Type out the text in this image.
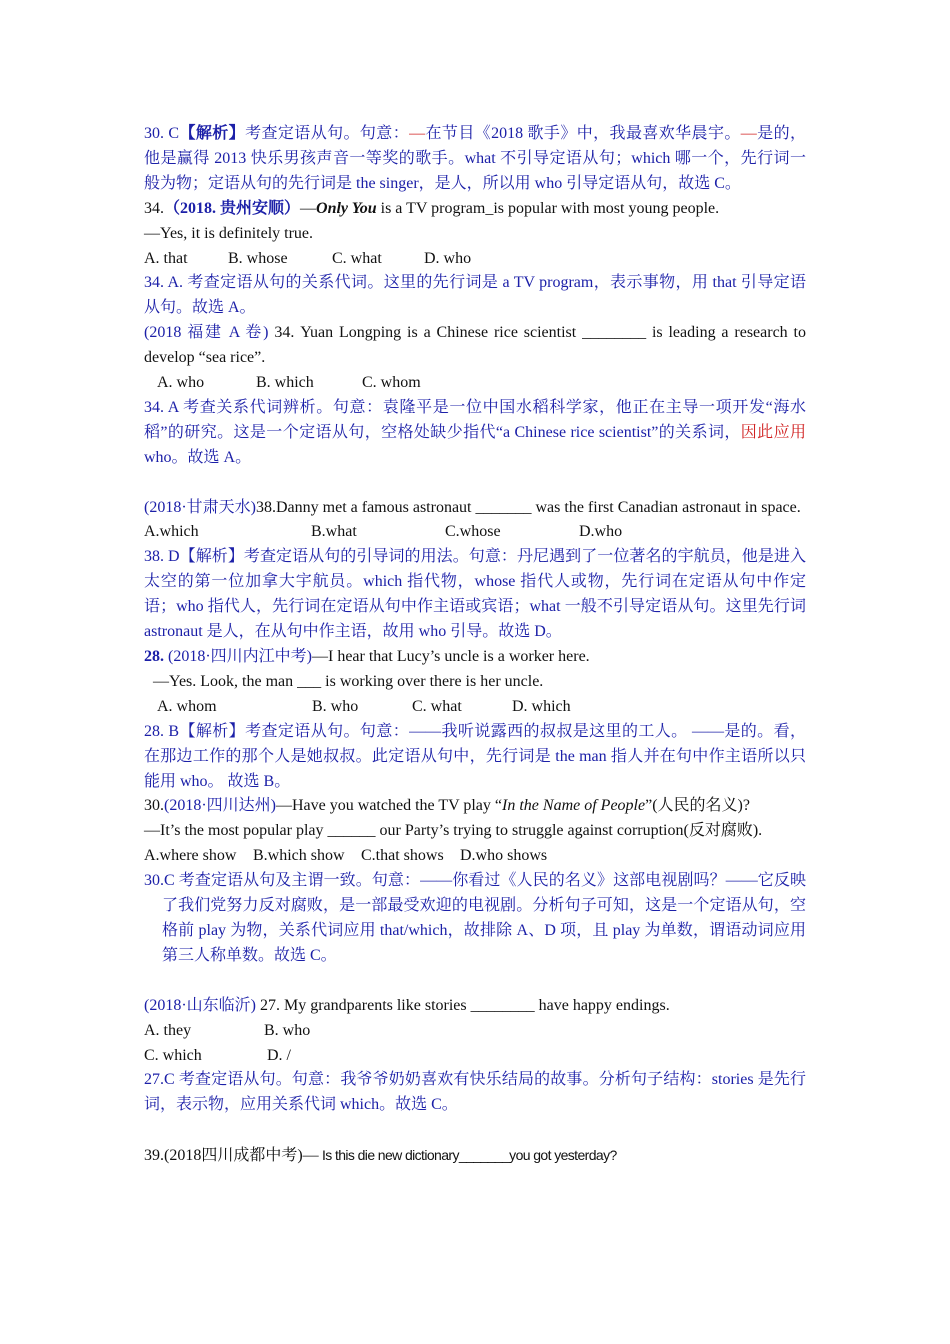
30. C【解析】考查定语从句。句意：—在节目《2018 歌手》中，我最喜欢华晨宇。—是的，他是赢得 2013 快乐男孩声音一等奖的歌手。what 不引导定语从句；which 哪一个，先行词一般为物；定语从句的先行词是 the singer，是人，所以用 who 引导定语从句，故选 C。

34.（2018. 贵州安顺）—Only You is a TV program_is popular with most young people.

—Yes, it is definitely true.

A. that	B. whose	C. what	D. who

34. A. 考查定语从句的关系代词。这里的先行词是 a TV program，表示事物，用 that 引导定语从句。故选 A。

(2018 福建 A 卷) 34. Yuan Longping is a Chinese rice scientist ________ is leading a research to develop “sea rice”.

A. who	B. which	C. whom

34. A 考查关系代词辨析。句意：袁隆平是一位中国水稻科学家，他正在主导一项开发“海水稻”的研究。这是一个定语从句，空格处缺少指代“a Chinese rice scientist”的关系词，因此应用 who。故选 A。

(2018·甘肃天水)38.Danny met a famous astronaut _______ was the first Canadian astronaut in space.

A.which	B.what	C.whose	D.who

38. D【解析】考查定语从句的引导词的用法。句意：丹尼遇到了一位著名的宇航员，他是进入太空的第一位加拿大宇航员。which 指代物，whose 指代人或物，先行词在定语从句中作定语；who 指代人，先行词在定语从句中作主语或宾语；what 一般不引导定语从句。这里先行词 astronaut 是人，在从句中作主语，故用 who 引导。故选 D。

28. (2018·四川内江中考)—I hear that Lucy’s uncle is a worker here.

—Yes. Look, the man ___ is working over there is her uncle.

A. whom	B. who	C. what	D. which

28. B【解析】考查定语从句。句意：——我听说露西的叔叔是这里的工人。 ——是的。看，在那边工作的那个人是她叔叔。此定语从句中，先行词是 the man 指人并在句中作主语所以只能用 who。 故选 B。

30.(2018·四川达州)—Have you watched the TV play “In the Name of People”(人民的名义)?

—It’s the most popular play ______ our Party’s trying to struggle against corruption(反对腐败).

A.where show	B.which show	C.that shows	D.who shows

30.C 考查定语从句及主谓一致。句意：——你看过《人民的名义》这部电视剧吗？——它反映了我们党努力反对腐败，是一部最受欢迎的电视剧。分析句子可知，这是一个定语从句，空格前 play 为物，关系代词应用 that/which，故排除 A、D 项，且 play 为单数，谓语动词应用第三人称单数。故选 C。

(2018·山东临沂) 27. My grandparents like stories ________ have happy endings.

A. they	B. who
C. which	D. /

27.C 考查定语从句。句意：我爷爷奶奶喜欢有快乐结局的故事。分析句子结构：stories 是先行词，表示物，应用关系代词 which。故选 C。

39.(2018四川成都中考)— Is this die new dictionary_______you got yesterday?
